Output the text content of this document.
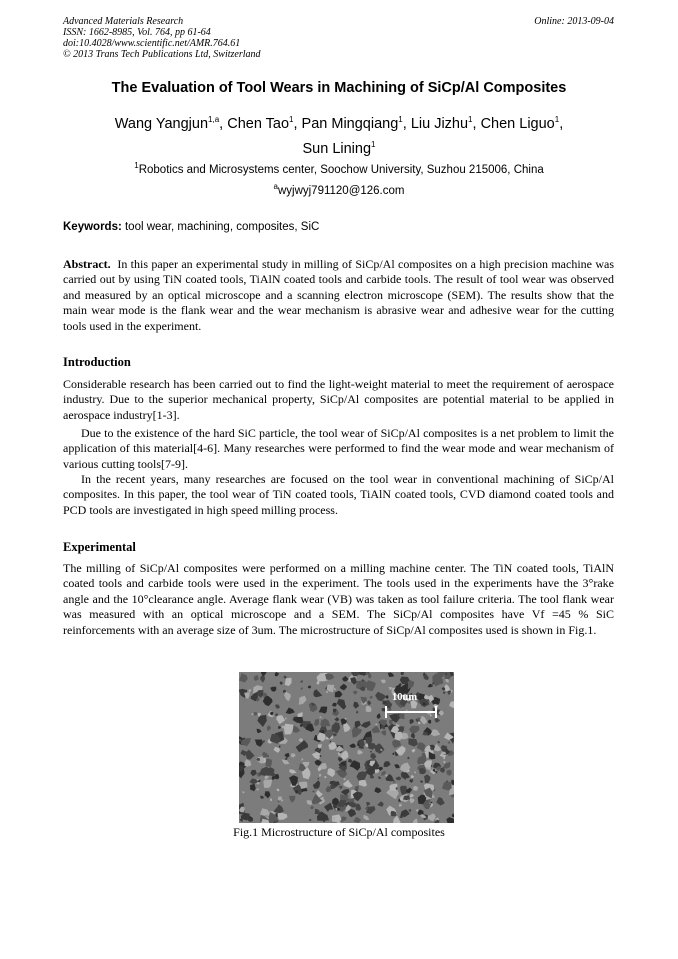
Advanced Materials Research
ISSN: 1662-8985, Vol. 764, pp 61-64
doi:10.4028/www.scientific.net/AMR.764.61
© 2013 Trans Tech Publications Ltd, Switzerland
Online: 2013-09-04
The Evaluation of Tool Wears in Machining of SiCp/Al Composites
Wang Yangjun$^{1,a}$, Chen Tao$^1$, Pan Mingqiang$^1$, Liu Jizhu$^1$, Chen Liguo$^1$,
Sun Lining$^1$
$^1$Robotics and Microsystems center, Soochow University, Suzhou 215006, China
$^a$wyjwyj791120@126.com
Keywords: tool wear, machining, composites, SiC
Abstract.  In this paper an experimental study in milling of SiCp/Al composites on a high precision machine was carried out by using TiN coated tools, TiAlN coated tools and carbide tools. The result of tool wear was observed and measured by an optical microscope and a scanning electron microscope (SEM). The results show that the main wear mode is the flank wear and the wear mechanism is abrasive wear and adhesive wear for the cutting tools used in the experiment.
Introduction
Considerable research has been carried out to find the light-weight material to meet the requirement of aerospace industry. Due to the superior mechanical property, SiCp/Al composites are potential material to be applied in aerospace industry[1-3].
Due to the existence of the hard SiC particle, the tool wear of SiCp/Al composites is a net problem to limit the application of this material[4-6]. Many researches were performed to find the wear mode and wear mechanism of various cutting tools[7-9].
In the recent years, many researches are focused on the tool wear in conventional machining of SiCp/Al composites. In this paper, the tool wear of TiN coated tools, TiAlN coated tools, CVD diamond coated tools and PCD tools are investigated in high speed milling process.
Experimental
The milling of SiCp/Al composites were performed on a milling machine center. The TiN coated tools, TiAlN coated tools and carbide tools were used in the experiment. The tools used in the experiments have the 3°rake angle and the 10°clearance angle. Average flank wear (VB) was taken as tool failure criteria. The tool flank wear was measured with an optical microscope and a SEM. The SiCp/Al composites have Vf =45 % SiC reinforcements with an average size of 3um. The microstructure of SiCp/Al composites used is shown in Fig.1.
10um
Fig.1 Microstructure of SiCp/Al composites
